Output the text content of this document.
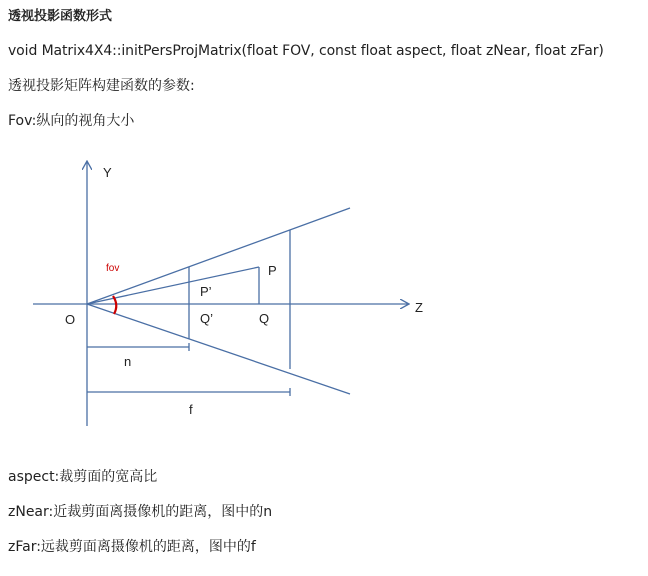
透视投影函数形式
void Matrix4X4::initPersProjMatrix(float FOV, const float aspect, float zNear, float zFar)
透视投影矩阵构建函数的参数:
Fov:纵向的视角大小
Y
Z
O
fov	P
P’
Q
Q’
n
f
aspect:裁剪面的宽高比
zNear:近裁剪面离摄像机的距离，图中的n
zFar:远裁剪面离摄像机的距离，图中的f
